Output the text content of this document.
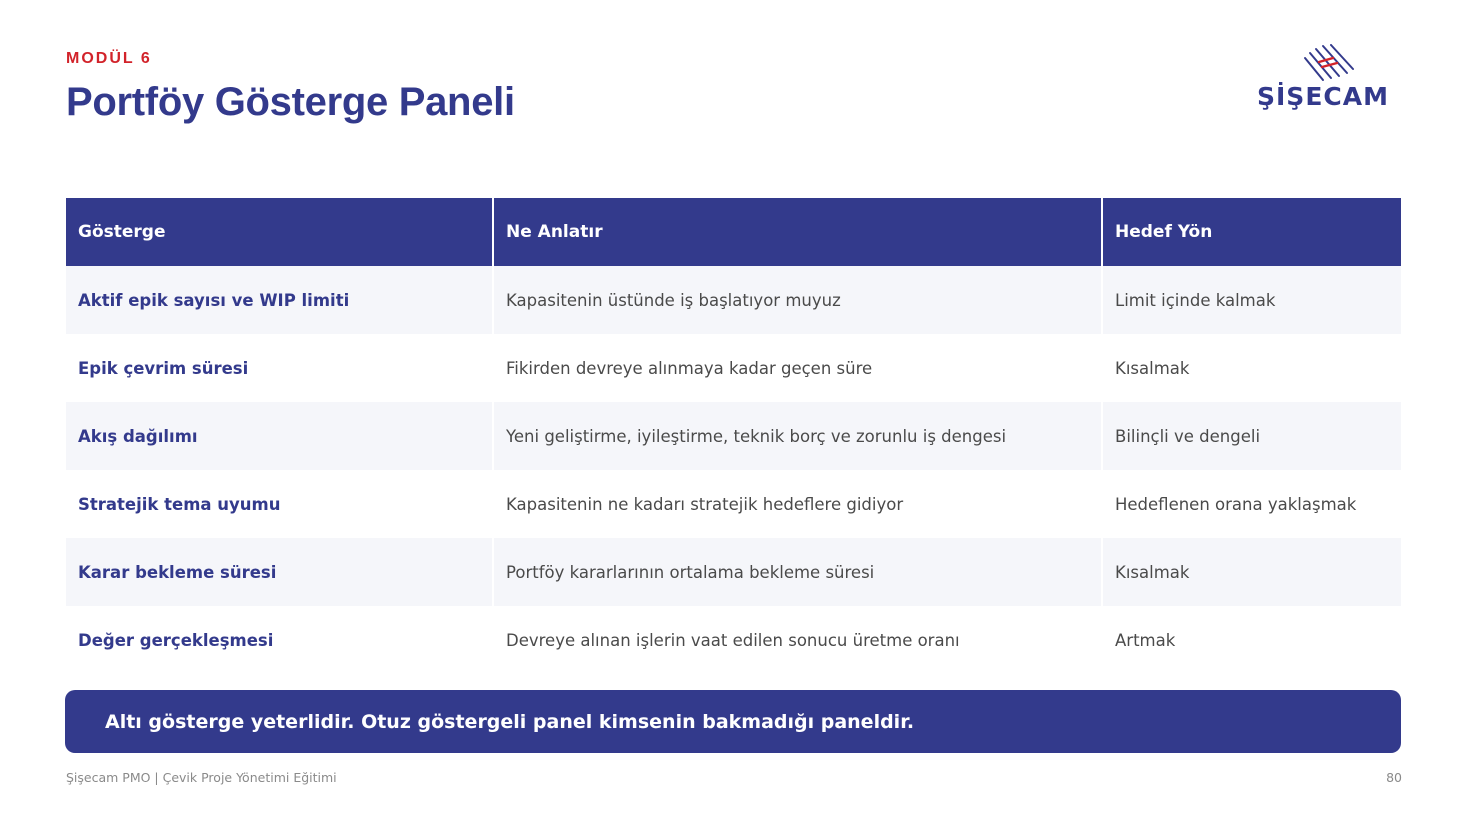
MODÜL 6
Portföy Gösterge Paneli	ŞİŞECAM
Gösterge	Ne Anlatır	Hedef Yön
Aktif epik sayısı ve WIP limiti	Kapasitenin üstünde iş başlatıyor muyuz	Limit içinde kalmak
Epik çevrim süresi	Fikirden devreye alınmaya kadar geçen süre	Kısalmak
Akış dağılımı	Yeni geliştirme, iyileştirme, teknik borç ve zorunlu iş dengesi	Bilinçli ve dengeli
Stratejik tema uyumu	Kapasitenin ne kadarı stratejik hedeflere gidiyor	Hedeflenen orana yaklaşmak
Karar bekleme süresi	Portföy kararlarının ortalama bekleme süresi	Kısalmak
Değer gerçekleşmesi	Devreye alınan işlerin vaat edilen sonucu üretme oranı	Artmak
Altı gösterge yeterlidir. Otuz göstergeli panel kimsenin bakmadığı paneldir.
Şişecam PMO | Çevik Proje Yönetimi Eğitimi	80
